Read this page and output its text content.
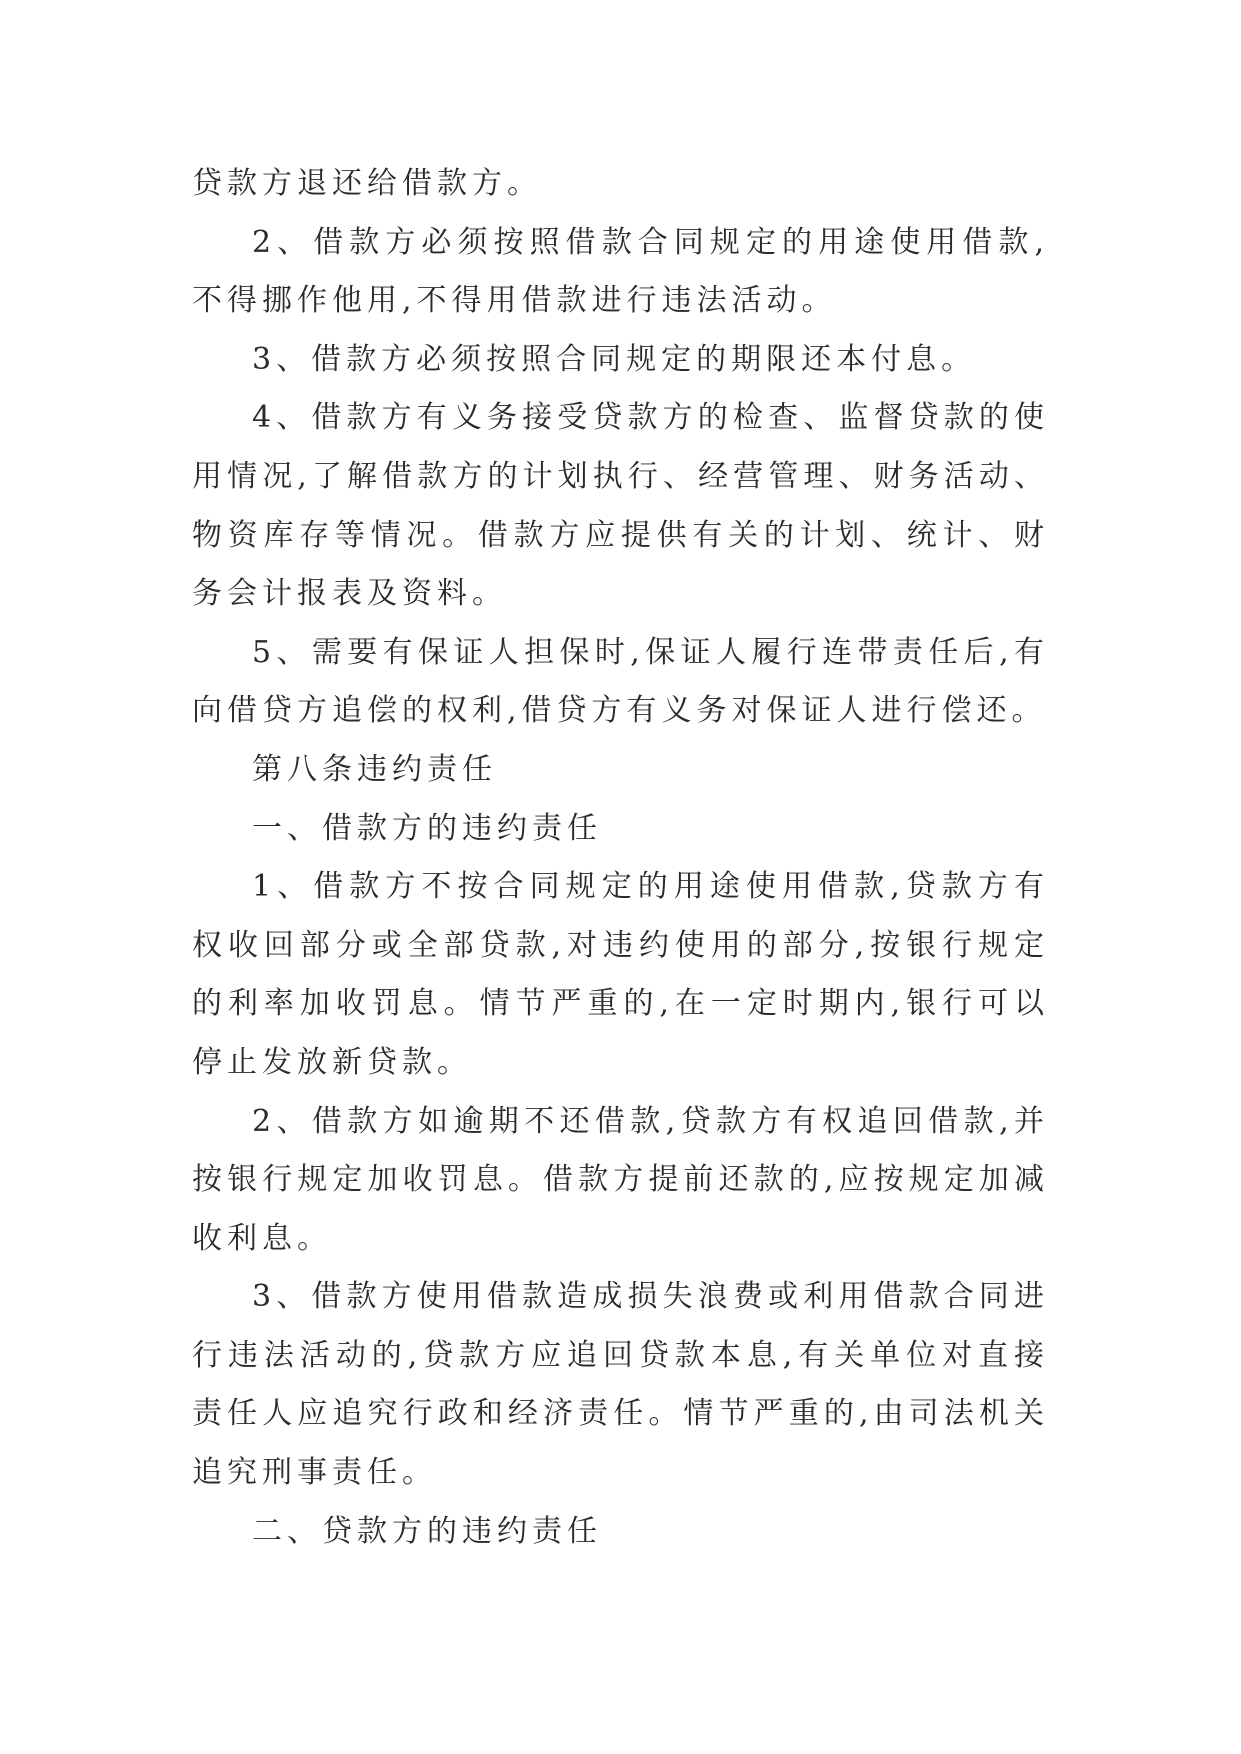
贷款方退还给借款方。

2、借款方必须按照借款合同规定的用途使用借款,不得挪作他用,不得用借款进行违法活动。

3、借款方必须按照合同规定的期限还本付息。

4、借款方有义务接受贷款方的检查、监督贷款的使用情况,了解借款方的计划执行、经营管理、财务活动、物资库存等情况。借款方应提供有关的计划、统计、财务会计报表及资料。

5、需要有保证人担保时,保证人履行连带责任后,有向借贷方追偿的权利,借贷方有义务对保证人进行偿还。

第八条违约责任

一、借款方的违约责任

1、借款方不按合同规定的用途使用借款,贷款方有权收回部分或全部贷款,对违约使用的部分,按银行规定的利率加收罚息。情节严重的,在一定时期内,银行可以停止发放新贷款。

2、借款方如逾期不还借款,贷款方有权追回借款,并按银行规定加收罚息。借款方提前还款的,应按规定加减收利息。

3、借款方使用借款造成损失浪费或利用借款合同进行违法活动的,贷款方应追回贷款本息,有关单位对直接责任人应追究行政和经济责任。情节严重的,由司法机关追究刑事责任。

二、贷款方的违约责任
